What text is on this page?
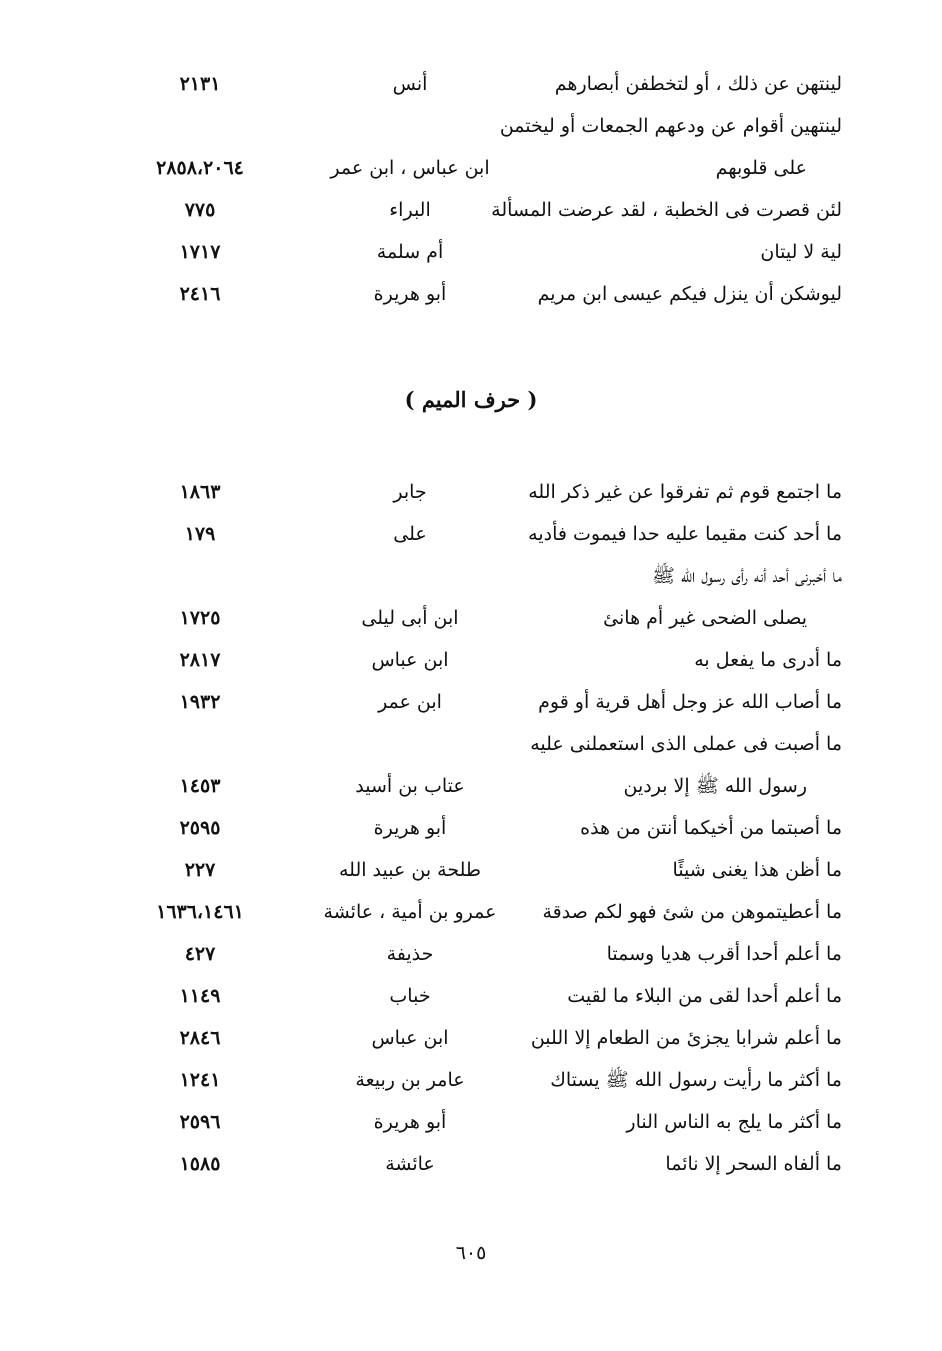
لينتهن عن ذلك ، أو لتخطفن أبصارهم
أنس
٢١٣١
لينتهين أقوام عن ودعهم الجمعات أو ليختمن
على قلوبهم
ابن عباس ، ابن عمر
٢٨٥٨،٢٠٦٤
لئن قصرت فى الخطبة ، لقد عرضت المسألة
البراء
٧٧٥
لية لا ليتان
أم سلمة
١٧١٧
ليوشكن أن ينزل فيكم عيسى ابن مريم
أبو هريرة
٢٤١٦
( حرف الميم )
ما اجتمع قوم ثم تفرقوا عن غير ذكر الله
جابر
١٨٦٣
ما أحد كنت مقيما عليه حدا فيموت فأديه
على
١٧٩
ما أخبرنى أحد أنه رأى رسول الله ﷺ
يصلى الضحى غير أم هانئ
ابن أبى ليلى
١٧٢٥
ما أدرى ما يفعل به
ابن عباس
٢٨١٧
ما أصاب الله عز وجل أهل قرية أو قوم
ابن عمر
١٩٣٢
ما أصبت فى عملى الذى استعملنى عليه
رسول الله ﷺ إلا بردين
عتاب بن أسيد
١٤٥٣
ما أصبتما من أخيكما أنتن من هذه
أبو هريرة
٢٥٩٥
ما أظن هذا يغنى شيئًا
طلحة بن عبيد الله
٢٢٧
ما أعطيتموهن من شئ فهو لكم صدقة
عمرو بن أمية ، عائشة
١٦٣٦،١٤٦١
ما أعلم أحدا أقرب هديا وسمتا
حذيفة
٤٢٧
ما أعلم أحدا لقى من البلاء ما لقيت
خباب
١١٤٩
ما أعلم شرابا يجزئ من الطعام إلا اللبن
ابن عباس
٢٨٤٦
ما أكثر ما رأيت رسول الله ﷺ يستاك
عامر بن ربيعة
١٢٤١
ما أكثر ما يلج به الناس النار
أبو هريرة
٢٥٩٦
ما ألفاه السحر إلا نائما
عائشة
١٥٨٥
٦٠٥
